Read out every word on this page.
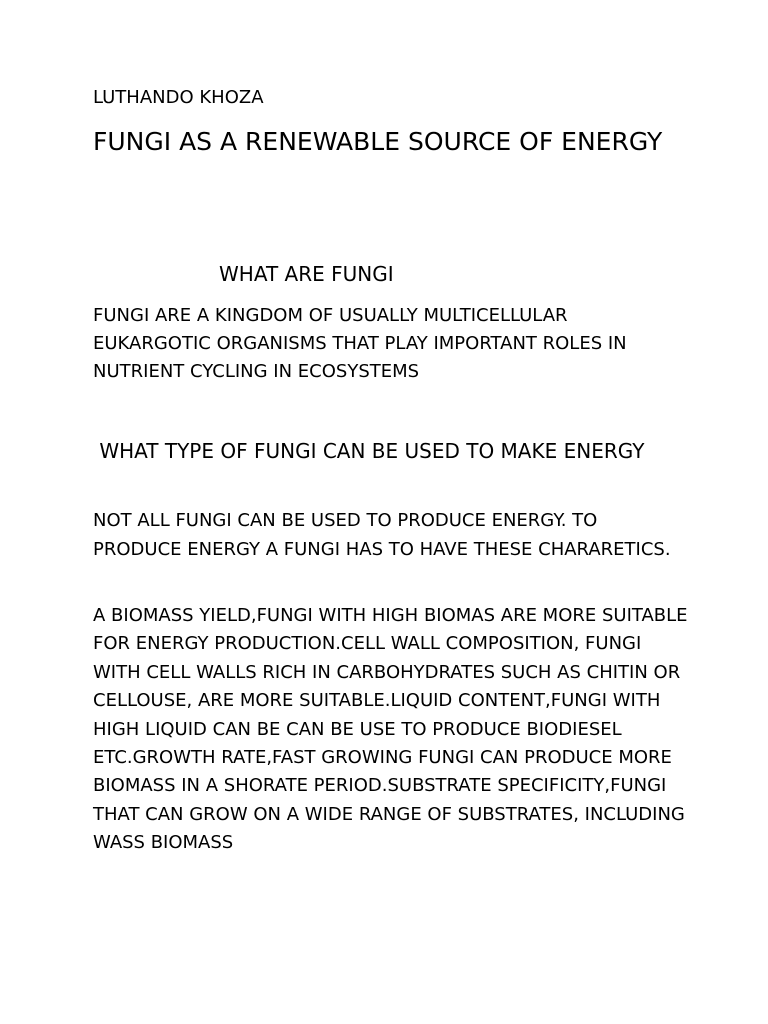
LUTHANDO KHOZA

FUNGI AS A RENEWABLE SOURCE OF ENERGY
WHAT ARE FUNGI

FUNGI ARE A KINGDOM OF USUALLY MULTICELLULAR EUKARGOTIC ORGANISMS THAT PLAY IMPORTANT ROLES IN NUTRIENT CYCLING IN ECOSYSTEMS

WHAT TYPE OF FUNGI CAN BE USED TO MAKE ENERGY

NOT ALL FUNGI CAN BE USED TO PRODUCE ENERGY. TO PRODUCE ENERGY A FUNGI HAS TO HAVE THESE CHARARETICS.

A BIOMASS YIELD,FUNGI WITH HIGH BIOMAS ARE MORE SUITABLE FOR ENERGY PRODUCTION.CELL WALL COMPOSITION, FUNGI WITH CELL WALLS RICH IN CARBOHYDRATES SUCH AS CHITIN OR CELLOUSE, ARE MORE SUITABLE.LIQUID CONTENT,FUNGI WITH HIGH LIQUID CAN BE CAN BE USE TO PRODUCE BIODIESEL ETC.GROWTH RATE,FAST GROWING FUNGI CAN PRODUCE MORE BIOMASS IN A SHORATE PERIOD.SUBSTRATE SPECIFICITY,FUNGI THAT CAN GROW ON A WIDE RANGE OF SUBSTRATES, INCLUDING WASS BIOMASS
